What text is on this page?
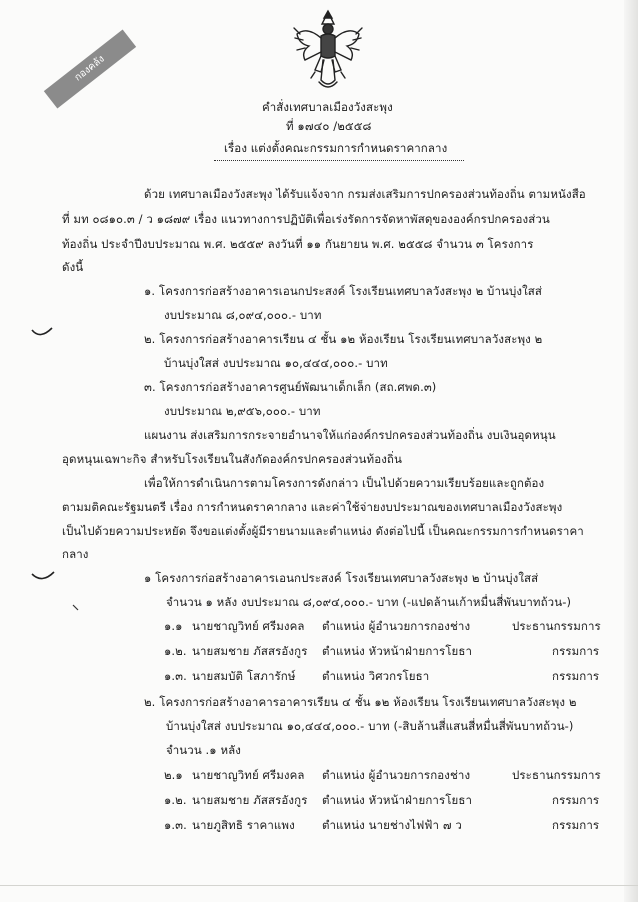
กองคลัง
คำสั่งเทศบาลเมืองวังสะพุง
ที่ ๑๗๔๐ /๒๕๕๘
เรื่อง แต่งตั้งคณะกรรมการกำหนดราคากลาง
ด้วย เทศบาลเมืองวังสะพุง ได้รับแจ้งจาก กรมส่งเสริมการปกครองส่วนท้องถิ่น ตามหนังสือ
ที่ มท ๐๘๑๐.๓ / ว ๑๘๗๙ เรื่อง แนวทางการปฏิบัติเพื่อเร่งรัดการจัดหาพัสดุขององค์กรปกครองส่วน
ท้องถิ่น ประจำปีงบประมาณ พ.ศ. ๒๕๕๙ ลงวันที่ ๑๑ กันยายน พ.ศ. ๒๕๕๘ จำนวน ๓ โครงการ
ดังนี้
๑. โครงการก่อสร้างอาคารเอนกประสงค์ โรงเรียนเทศบาลวังสะพุง ๒ บ้านบุ่งใสส่
งบประมาณ ๘,๐๙๔,๐๐๐.- บาท
๒. โครงการก่อสร้างอาคารเรียน ๔ ชั้น ๑๒ ห้องเรียน โรงเรียนเทศบาลวังสะพุง ๒
บ้านบุ่งใสส่ งบประมาณ ๑๐,๔๔๔,๐๐๐.- บาท
๓. โครงการก่อสร้างอาคารศูนย์พัฒนาเด็กเล็ก (สถ.ศพด.๓)
งบประมาณ ๒,๙๕๖,๐๐๐.- บาท
แผนงาน ส่งเสริมการกระจายอำนาจให้แก่องค์กรปกครองส่วนท้องถิ่น งบเงินอุดหนุน
อุดหนุนเฉพาะกิจ สำหรับโรงเรียนในสังกัดองค์กรปกครองส่วนท้องถิ่น
เพื่อให้การดำเนินการตามโครงการดังกล่าว เป็นไปด้วยความเรียบร้อยและถูกต้อง
ตามมติคณะรัฐมนตรี เรื่อง การกำหนดราคากลาง และค่าใช้จ่ายงบประมาณของเทศบาลเมืองวังสะพุง
เป็นไปด้วยความประหยัด จึงขอแต่งตั้งผู้มีรายนามและตำแหน่ง ดังต่อไปนี้ เป็นคณะกรรมการกำหนดราคา
กลาง
๑ โครงการก่อสร้างอาคารเอนกประสงค์ โรงเรียนเทศบาลวังสะพุง ๒ บ้านบุ่งใสส่
จำนวน ๑ หลัง งบประมาณ ๘,๐๙๔,๐๐๐.- บาท (-แปดล้านเก้าหมื่นสี่พันบาทถ้วน-)
๑.๑ นายชาญวิทย์ ศรีมงคล ตำแหน่ง ผู้อำนวยการกองช่าง	ประธานกรรมการ
๑.๒. นายสมชาย ภัสสรอังกูร ตำแหน่ง หัวหน้าฝ่ายการโยธา	กรรมการ
๑.๓. นายสมบัติ โสภารักษ์ ตำแหน่ง วิศวกรโยธา	กรรมการ
๒. โครงการก่อสร้างอาคารอาคารเรียน ๔ ชั้น ๑๒ ห้องเรียน โรงเรียนเทศบาลวังสะพุง ๒
บ้านบุ่งใสส่ งบประมาณ ๑๐,๔๔๔,๐๐๐.- บาท (-สิบล้านสี่แสนสี่หมื่นสี่พันบาทถ้วน-)
จำนวน .๑ หลัง
๒.๑ นายชาญวิทย์ ศรีมงคล ตำแหน่ง ผู้อำนวยการกองช่าง	ประธานกรรมการ
๑.๒. นายสมชาย ภัสสรอังกูร ตำแหน่ง หัวหน้าฝ่ายการโยธา	กรรมการ
๑.๓. นายภูสิทธิ ราคาแพง ตำแหน่ง นายช่างไฟฟ้า ๗ ว	กรรมการ
